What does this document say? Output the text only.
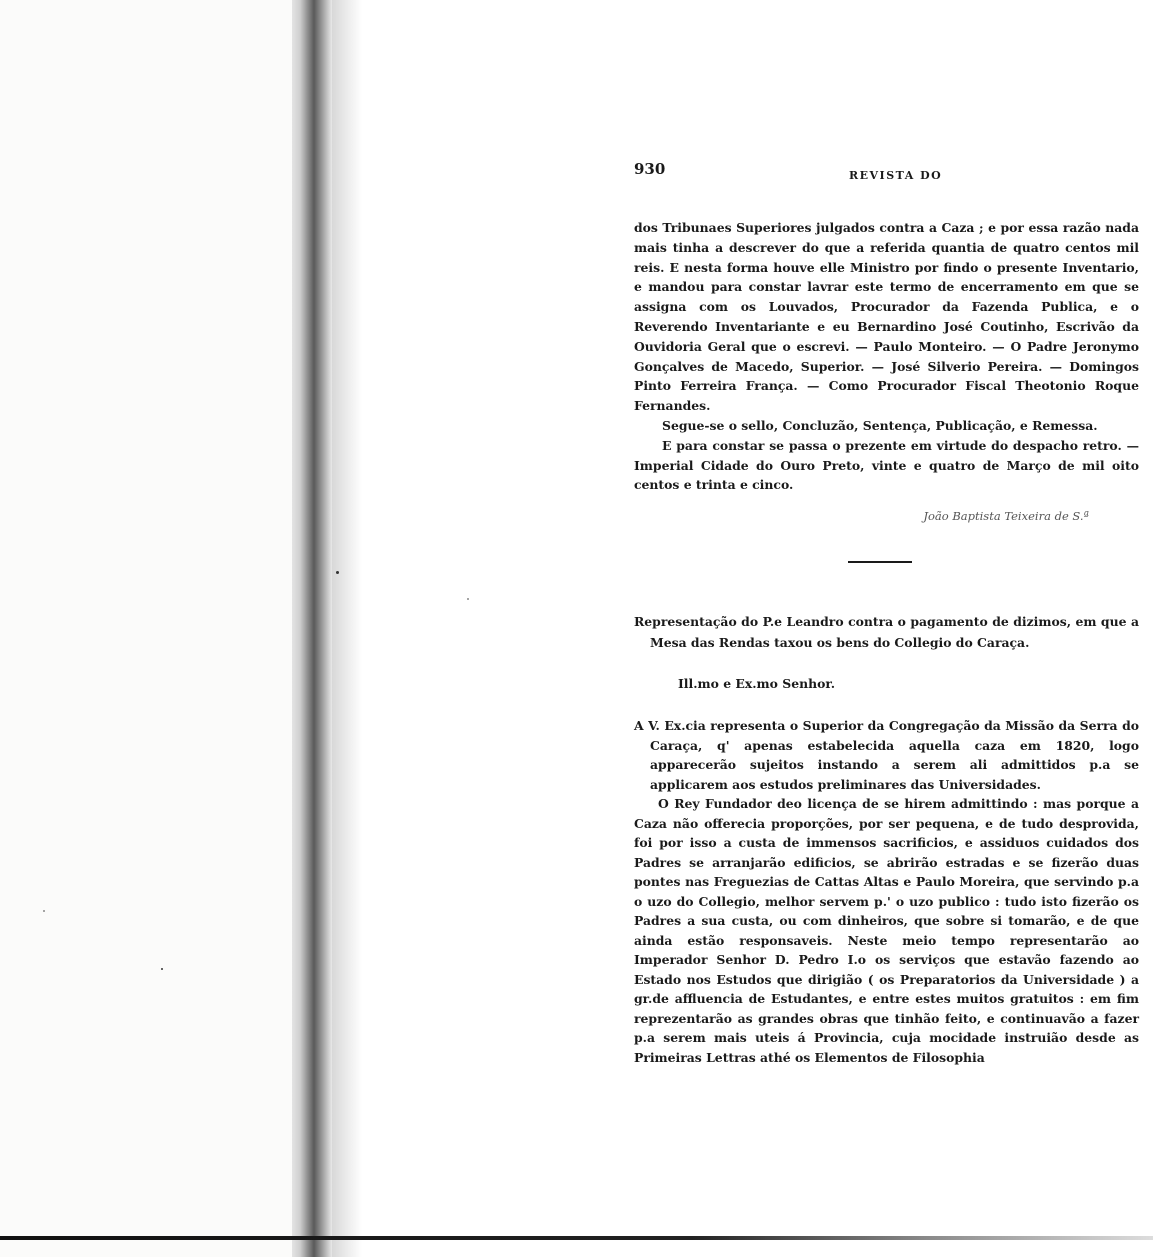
930	REVISTA DO

dos Tribunaes Superiores julgados contra a Caza ; e por essa razão nada mais tinha a descrever do que a referida quantia de quatro centos mil reis. E nesta forma houve elle Ministro por findo o presente Inventario, e mandou para constar lavrar este termo de encerramento em que se assigna com os Louvados, Procurador da Fazenda Publica, e o Reverendo Inventariante e eu Bernardino José Coutinho, Escrivão da Ouvidoria Geral que o escrevi. — Paulo Monteiro. — O Padre Jeronymo Gonçalves de Macedo, Superior. — José Silverio Pereira. — Domingos Pinto Ferreira França. — Como Procurador Fiscal Theotonio Roque Fernandes.

Segue-se o sello, Concluzão, Sentença, Publicação, e Remessa.

E para constar se passa o prezente em virtude do despacho retro. — Imperial Cidade do Ouro Preto, vinte e quatro de Março de mil oito centos e trinta e cinco.

João Baptista Teixeira de S.ª

Representação do P.e Leandro contra o pagamento de dizimos, em que a Mesa das Rendas taxou os bens do Collegio do Caraça.

Ill.mo e Ex.mo Senhor.

A V. Ex.cia representa o Superior da Congregação da Missão da Serra do Caraça, q' apenas estabelecida aquella caza em 1820, logo apparecerão sujeitos instando a serem ali admittidos p.a se applicarem aos estudos preliminares das Universidades.

O Rey Fundador deo licença de se hirem admittindo : mas porque a Caza não offerecia proporções, por ser pequena, e de tudo desprovida, foi por isso a custa de immensos sacrificios, e assiduos cuidados dos Padres se arranjarão edificios, se abrirão estradas e se fizerão duas pontes nas Freguezias de Cattas Altas e Paulo Moreira, que servindo p.a o uzo do Collegio, melhor servem p.' o uzo publico : tudo isto fizerão os Padres a sua custa, ou com dinheiros, que sobre si tomarão, e de que ainda estão responsaveis. Neste meio tempo representarão ao Imperador Senhor D. Pedro I.o os serviços que estavão fazendo ao Estado nos Estudos que dirigião ( os Preparatorios da Universidade ) a gr.de affluencia de Estudantes, e entre estes muitos gratuitos : em fim reprezentarão as grandes obras que tinhão feito, e continuavão a fazer p.a serem mais uteis á Provincia, cuja mocidade instruião desde as Primeiras Lettras athé os Elementos de Filosophia
